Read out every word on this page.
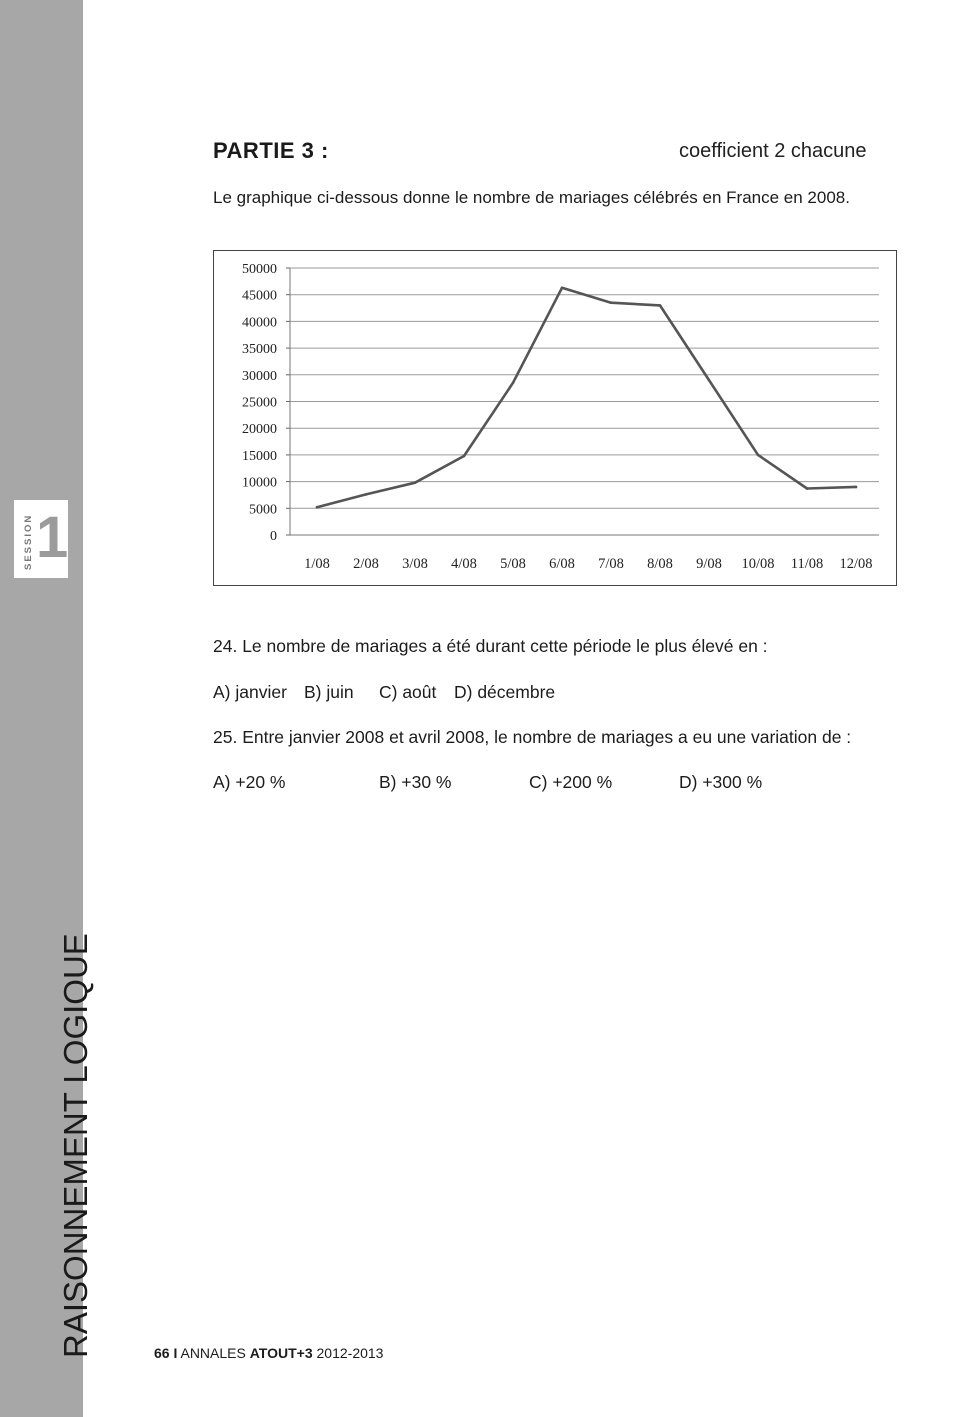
SESSION 1
RAISONNEMENT LOGIQUE
PARTIE 3 :	coefficient 2 chacune
Le graphique ci-dessous donne le nombre de mariages célébrés en France en 2008.
0
5000
10000
15000
20000
25000
30000
35000
40000
45000
50000
1/08 2/08 3/08 4/08 5/08 6/08 7/08 8/08 9/08 10/08 11/08 12/08
24. Le nombre de mariages a été durant cette période le plus élevé en :
A) janvier B) juin C) août D) décembre
25. Entre janvier 2008 et avril 2008, le nombre de mariages a eu une variation de :
A) +20 %	B) +30 %	C) +200 %	D) +300 %
66 I ANNALES ATOUT+3 2012-2013
